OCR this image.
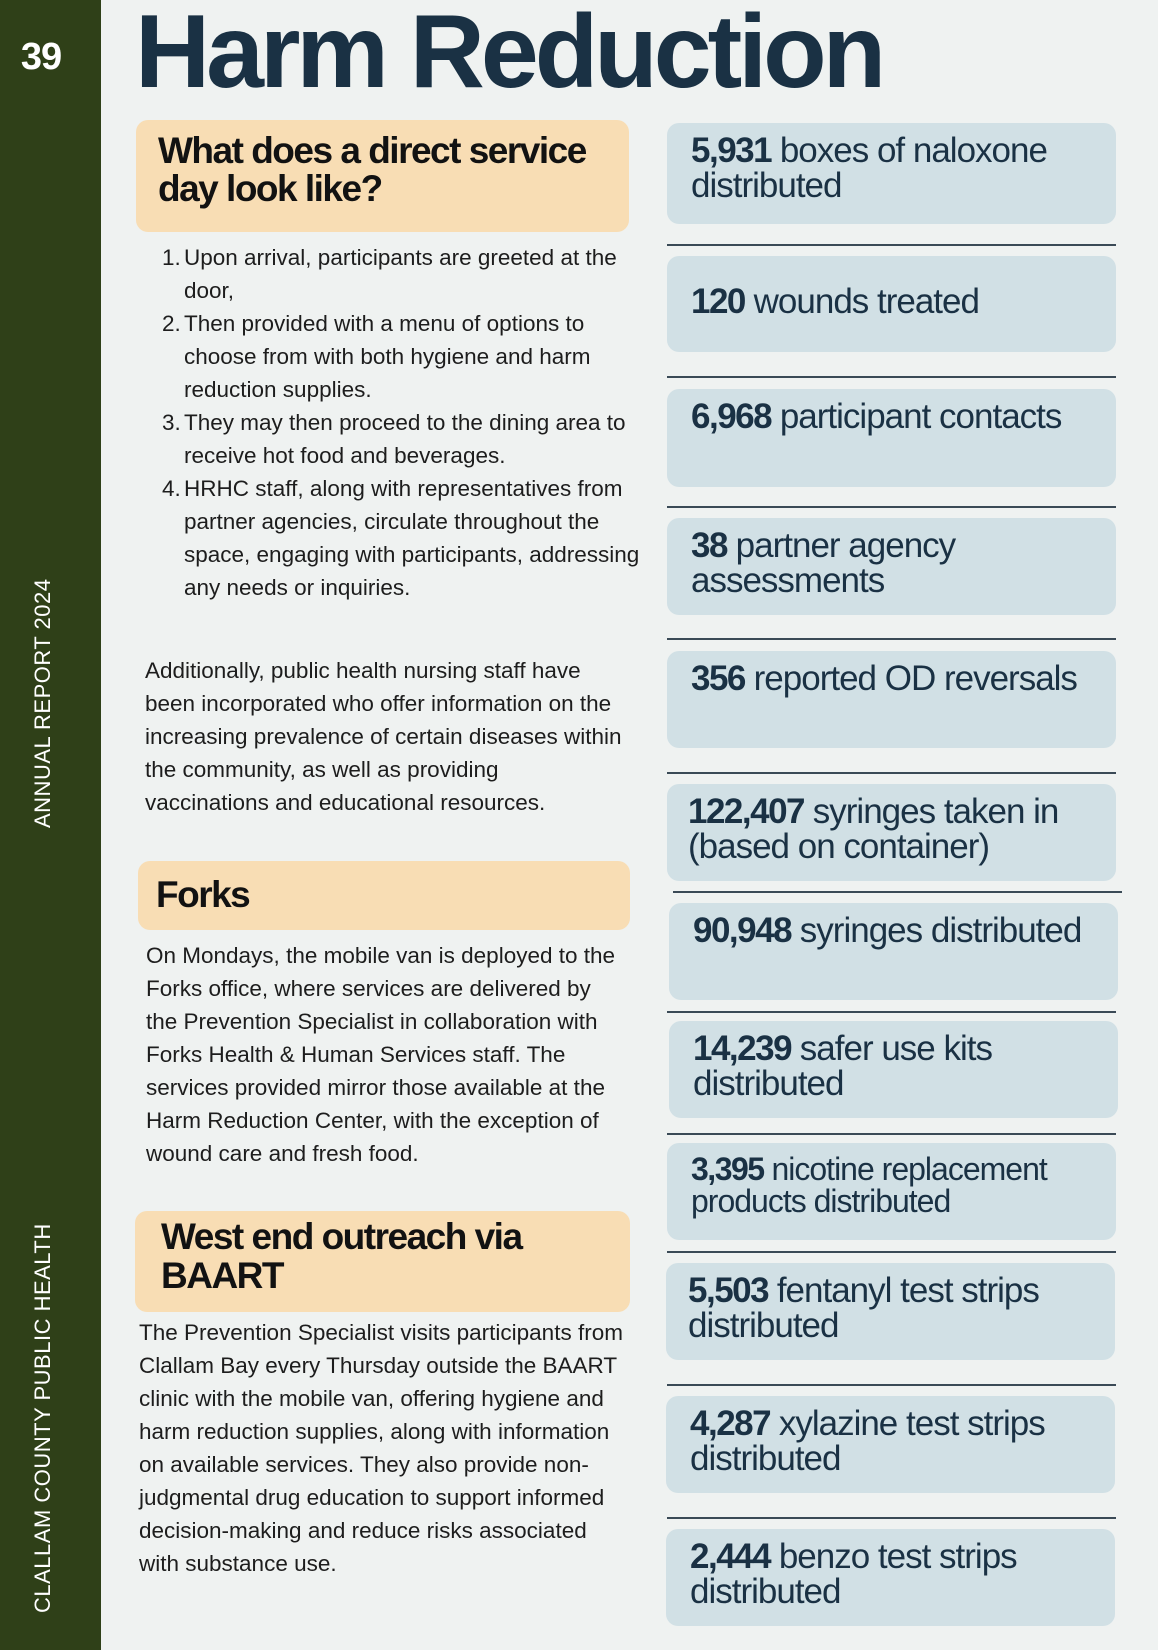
39
ANNUAL REPORT 2024
CLALLAM COUNTY PUBLIC HEALTH
Harm Reduction
What does a direct service day look like?
Upon arrival, participants are greeted at the door,
Then provided with a menu of options to choose from with both hygiene and harm reduction supplies.
They may then proceed to the dining area to receive hot food and beverages.
HRHC staff, along with representatives from partner agencies, circulate throughout the space, engaging with participants, addressing any needs or inquiries.

Additionally, public health nursing staff have been incorporated who offer information on the increasing prevalence of certain diseases within the community, as well as providing vaccinations and educational resources.

Forks

On Mondays, the mobile van is deployed to the Forks office, where services are delivered by the Prevention Specialist in collaboration with Forks Health & Human Services staff. The services provided mirror those available at the Harm Reduction Center, with the exception of wound care and fresh food.

West end outreach via BAART

The Prevention Specialist visits participants from Clallam Bay every Thursday outside the BAART clinic with the mobile van, offering hygiene and harm reduction supplies, along with information on available services. They also provide non-judgmental drug education to support informed decision-making and reduce risks associated with substance use.

5,931 boxes of naloxone distributed
120 wounds treated
6,968 participant contacts
38 partner agency assessments
356 reported OD reversals
122,407 syringes taken in (based on container)
90,948 syringes distributed
14,239 safer use kits distributed
3,395 nicotine replacement products distributed
5,503 fentanyl test strips distributed
4,287 xylazine test strips distributed
2,444 benzo test strips distributed
